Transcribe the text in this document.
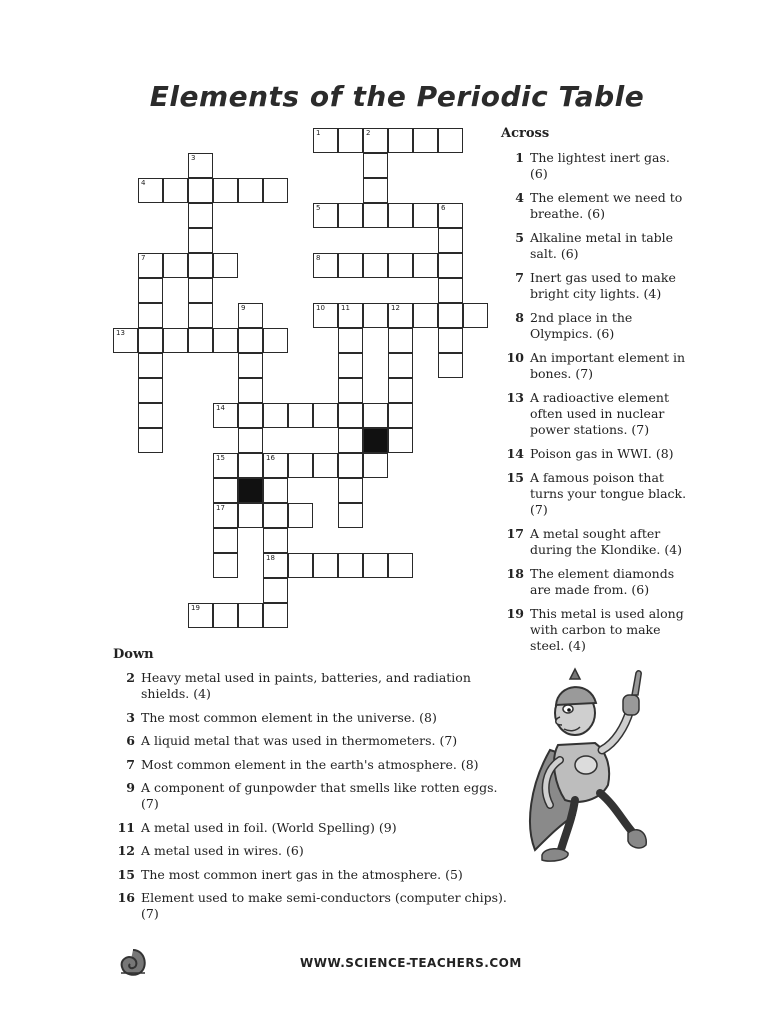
Elements of the Periodic Table
1	2
3
4
5	6
7	8
9	10 11	12
13
14
15	16
17
18
19
Across
1 The lightest inert gas. (6)
4 The element we need to breathe. (6)
5 Alkaline metal in table salt. (6)
7 Inert gas used to make bright city lights. (4)
8 2nd place in the Olympics. (6)
10 An important element in bones. (7)
13 A radioactive element often used in nuclear power stations. (7)
14 Poison gas in WWI. (8)
15 A famous poison that turns your tongue black. (7)
17 A metal sought after during the Klondike. (4)
18 The element diamonds are made from. (6)
19 This metal is used along with carbon to make steel. (4)
Down
2 Heavy metal used in paints, batteries, and radiation shields. (4)
3 The most common element in the universe. (8)
6 A liquid metal that was used in thermometers. (7)
7 Most common element in the earth's atmosphere. (8)
9 A component of gunpowder that smells like rotten eggs. (7)
11 A metal used in foil. (World Spelling) (9)
12 A metal used in wires. (6)
15 The most common inert gas in the atmosphere. (5)
16 Element used to make semi-conductors (computer chips). (7)
WWW.SCIENCE-TEACHERS.COM
